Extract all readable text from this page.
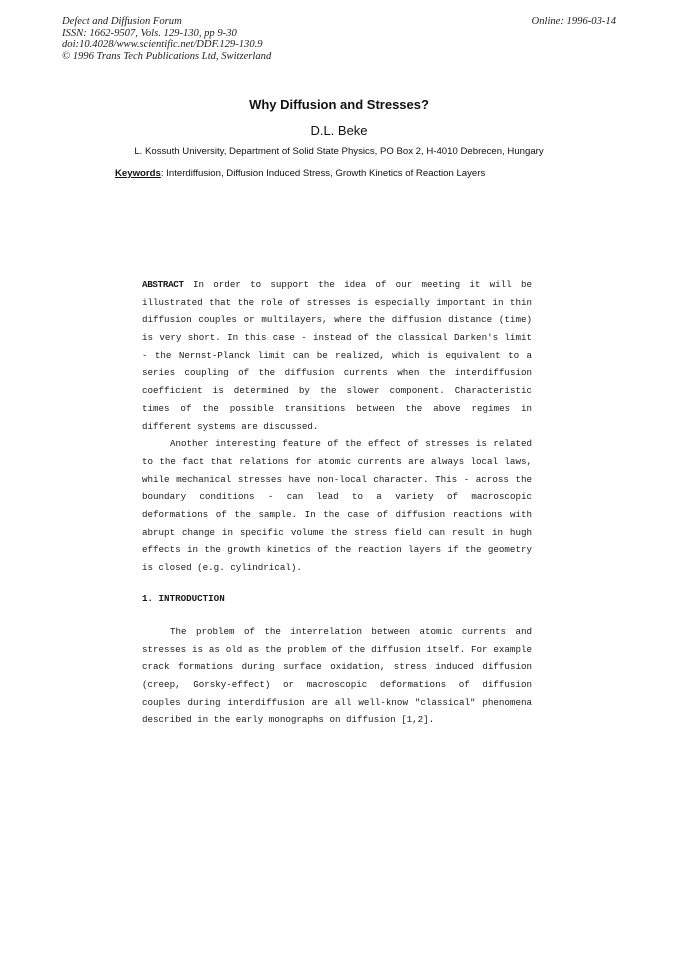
Defect and Diffusion Forum
ISSN: 1662-9507, Vols. 129-130, pp 9-30
doi:10.4028/www.scientific.net/DDF.129-130.9
© 1996 Trans Tech Publications Ltd, Switzerland
Online: 1996-03-14
Why Diffusion and Stresses?
D.L. Beke
L. Kossuth University, Department of Solid State Physics, PO Box 2, H-4010 Debrecen, Hungary
Keywords: Interdiffusion, Diffusion Induced Stress, Growth Kinetics of Reaction Layers
ABSTRACT In order to support the idea of our meeting it will be
illustrated that the role of stresses is especially important in thin
diffusion couples or multilayers, where the diffusion distance (time)
is very short. In this case - instead of the classical Darken's limit
- the Nernst-Planck limit can be realized, which is equivalent to a
series coupling of the diffusion currents when the interdiffusion
coefficient is determined by the slower component. Characteristic
times of the possible transitions between the above regimes in
different systems are discussed.
Another interesting feature of the effect of stresses is related
to the fact that relations for atomic currents are always local laws,
while mechanical stresses have non-local character. This - across the
boundary conditions - can lead to a variety of macroscopic
deformations of the sample. In the case of diffusion reactions with
abrupt change in specific volume the stress field can result in hugh
effects in the growth kinetics of the reaction layers if the geometry
is closed (e.g. cylindrical).
1. INTRODUCTION
The problem of the interrelation between atomic currents and
stresses is as old as the problem of the diffusion itself. For example
crack formations during surface oxidation, stress induced diffusion
(creep, Gorsky-effect) or macroscopic deformations of diffusion
couples during interdiffusion are all well-know "classical" phenomena
described in the early monographs on diffusion [1,2].
